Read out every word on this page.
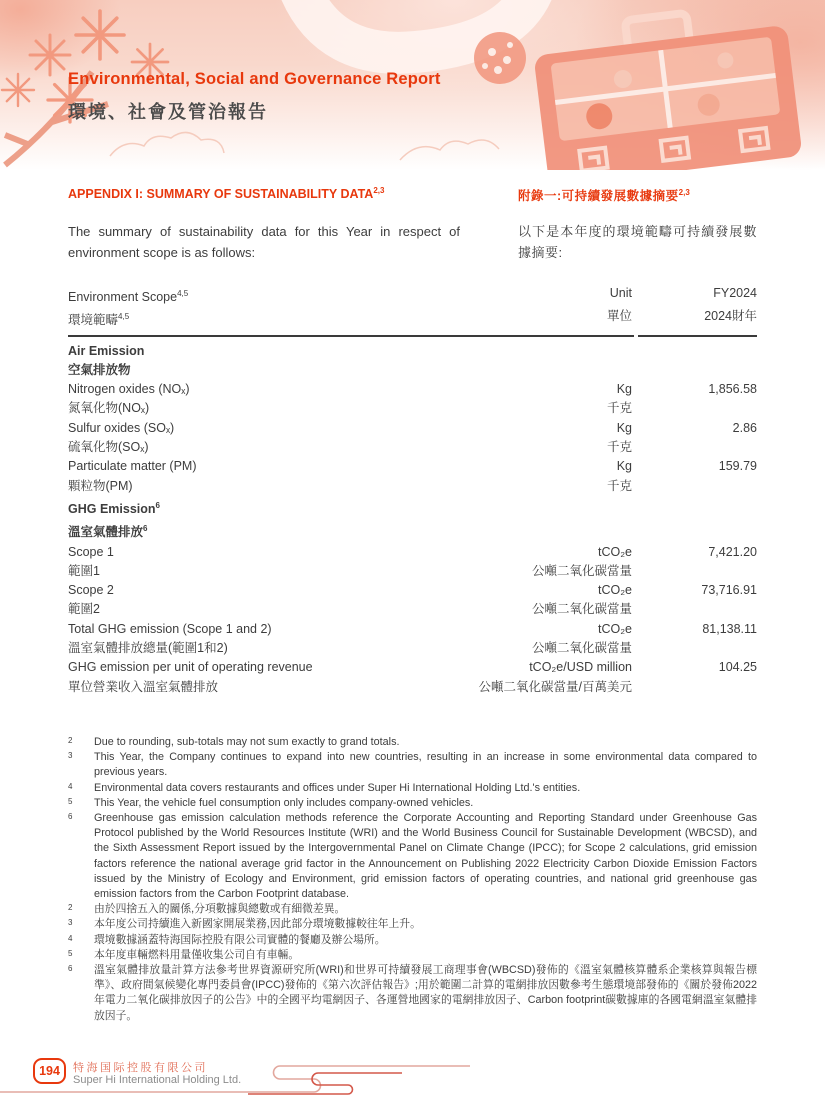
Environmental, Social and Governance Report
環境、社會及管治報告
APPENDIX I: SUMMARY OF SUSTAINABILITY DATA$^{2,3}$	附錄一:可持續發展數據摘要$^{2,3}$
The summary of sustainability data for this Year in respect of environment scope is as follows:
以下是本年度的環境範疇可持續發展數據摘要:
Environment Scope$^{4,5}$	Unit	FY2024
環境範疇$^{4,5}$	單位	2024財年
Air Emission
空氣排放物
Nitrogen oxides (NOₓ)	Kg	1,856.58
氮氧化物(NOₓ)	千克
Sulfur oxides (SOₓ)	Kg	2.86
硫氧化物(SOₓ)	千克
Particulate matter (PM)	Kg	159.79
顆粒物(PM)	千克
GHG Emission$^6$
溫室氣體排放$^6$
Scope 1	tCO₂e	7,421.20
範圍1	公噸二氧化碳當量
Scope 2	tCO₂e	73,716.91
範圍2	公噸二氧化碳當量
Total GHG emission (Scope 1 and 2)	tCO₂e	81,138.11
溫室氣體排放總量(範圍1和2)	公噸二氧化碳當量
GHG emission per unit of operating revenue	tCO₂e/USD million	104.25
單位營業收入溫室氣體排放	公噸二氧化碳當量/百萬美元
2	Due to rounding, sub-totals may not sum exactly to grand totals.
3	This Year, the Company continues to expand into new countries, resulting in an increase in some environmental data compared to previous years.
4	Environmental data covers restaurants and offices under Super Hi International Holding Ltd.'s entities.
5	This Year, the vehicle fuel consumption only includes company-owned vehicles.
6	Greenhouse gas emission calculation methods reference the Corporate Accounting and Reporting Standard under Greenhouse Gas Protocol published by the World Resources Institute (WRI) and the World Business Council for Sustainable Development (WBCSD), and the Sixth Assessment Report issued by the Intergovernmental Panel on Climate Change (IPCC); for Scope 2 calculations, grid emission factors reference the national average grid factor in the Announcement on Publishing 2022 Electricity Carbon Dioxide Emission Factors issued by the Ministry of Ecology and Environment, grid emission factors of operating countries, and national grid greenhouse gas emission factors from the Carbon Footprint database.
2	由於四捨五入的關係,分項數據與總數或有細微差異。
3	本年度公司持續進入新國家開展業務,因此部分環境數據較往年上升。
4	環境數據涵蓋特海国际控股有限公司實體的餐廳及辦公場所。
5	本年度車輛燃料用量僅收集公司自有車輛。
6	溫室氣體排放量計算方法參考世界資源研究所(WRI)和世界可持續發展工商理事會(WBCSD)發佈的《溫室氣體核算體系企業核算與報告標準》、政府間氣候變化專門委員會(IPCC)發佈的《第六次評估報告》;用於範圍二計算的電網排放因數參考生態環境部發佈的《關於發佈2022年電力二氧化碳排放因子的公告》中的全國平均電網因子、各運營地國家的電網排放因子、Carbon footprint碳數據庫的各國電網溫室氣體排放因子。
194	特海国际控股有限公司
Super Hi International Holding Ltd.
